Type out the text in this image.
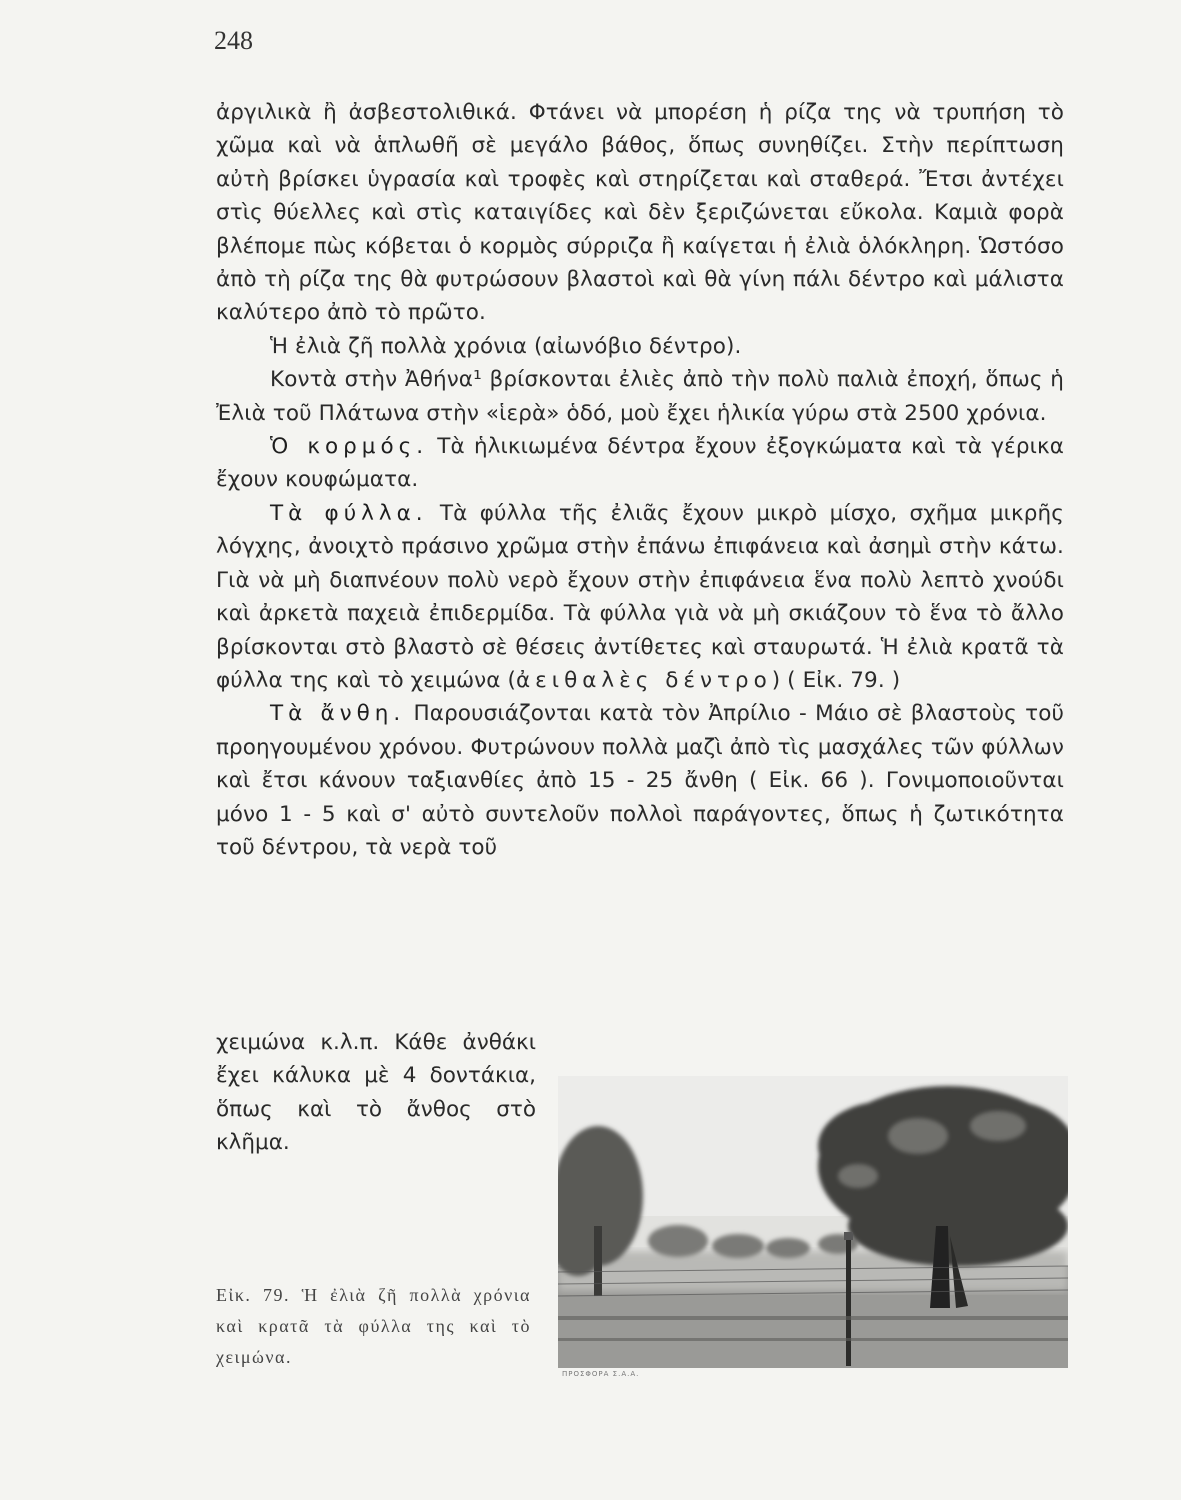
248

ἀργιλικὰ ἢ ἀσβεστολιθικά. Φτάνει νὰ μπορέση ἡ ρίζα της νὰ τρυπήση τὸ χῶμα καὶ νὰ ἁπλωθῆ σὲ μεγάλο βάθος, ὅπως συνηθίζει. Στὴν περίπτωση αὐτὴ βρίσκει ὑγρασία καὶ τροφὲς καὶ στηρίζεται καὶ σταθερά. Ἔτσι ἀντέχει στὶς θύελλες καὶ στὶς καταιγίδες καὶ δὲν ξεριζώνεται εὔκολα. Καμιὰ φορὰ βλέπομε πὼς κόβεται ὁ κορμὸς σύρριζα ἢ καίγεται ἡ ἐλιὰ ὁλόκληρη. Ὡστόσο ἀπὸ τὴ ρίζα της θὰ φυτρώσουν βλαστοὶ καὶ θὰ γίνη πάλι δέντρο καὶ μάλιστα καλύτερο ἀπὸ τὸ πρῶτο.

Ἡ ἐλιὰ ζῆ πολλὰ χρόνια (αἰωνόβιο δέντρο).

Κοντὰ στὴν Ἀθήνα¹ βρίσκονται ἐλιὲς ἀπὸ τὴν πολὺ παλιὰ ἐποχή, ὅπως ἡ Ἐλιὰ τοῦ Πλάτωνα στὴν «ἱερὰ» ὁδό, μοὺ ἔχει ἡλικία γύρω στὰ 2500 χρόνια.

Ὁ κορμός. Τὰ ἡλικιωμένα δέντρα ἔχουν ἐξογκώματα καὶ τὰ γέρικα ἔχουν κουφώματα.

Τὰ φύλλα. Τὰ φύλλα τῆς ἐλιᾶς ἔχουν μικρὸ μίσχο, σχῆμα μικρῆς λόγχης, ἀνοιχτὸ πράσινο χρῶμα στὴν ἐπάνω ἐπιφάνεια καὶ ἀσημὶ στὴν κάτω. Γιὰ νὰ μὴ διαπνέουν πολὺ νερὸ ἔχουν στὴν ἐπιφάνεια ἕνα πολὺ λεπτὸ χνούδι καὶ ἀρκετὰ παχειὰ ἐπιδερμίδα. Τὰ φύλλα γιὰ νὰ μὴ σκιάζουν τὸ ἕνα τὸ ἄλλο βρίσκονται στὸ βλαστὸ σὲ θέσεις ἀντίθετες καὶ σταυρωτά. Ἡ ἐλιὰ κρατᾶ τὰ φύλλα της καὶ τὸ χειμώνα (ἀειθαλὲς δέντρο) ( Εἰκ. 79. )

Τὰ ἄνθη. Παρουσιάζονται κατὰ τὸν Ἀπρίλιο - Μάιο σὲ βλαστοὺς τοῦ προηγουμένου χρόνου. Φυτρώνουν πολλὰ μαζὶ ἀπὸ τὶς μασχάλες τῶν φύλλων καὶ ἔτσι κάνουν ταξιανθίες ἀπὸ 15 - 25 ἄνθη ( Εἰκ. 66 ). Γονιμοποιοῦνται μόνο 1 - 5 καὶ σ' αὐτὸ συντελοῦν πολλοὶ παράγοντες, ὅπως ἡ ζωτικότητα τοῦ δέντρου, τὰ νερὰ τοῦ

χειμώνα κ.λ.π. Κάθε ἀνθάκι ἔχει κάλυκα μὲ 4 δοντάκια, ὅπως καὶ τὸ ἄνθος στὸ κλῆμα.

Εἰκ. 79. Ἡ ἐλιὰ ζῆ πολλὰ χρόνια καὶ κρατᾶ τὰ φύλλα της καὶ τὸ χειμώνα.
ΠΡΟΣΦΟΡΑ Σ.Α.Α.
